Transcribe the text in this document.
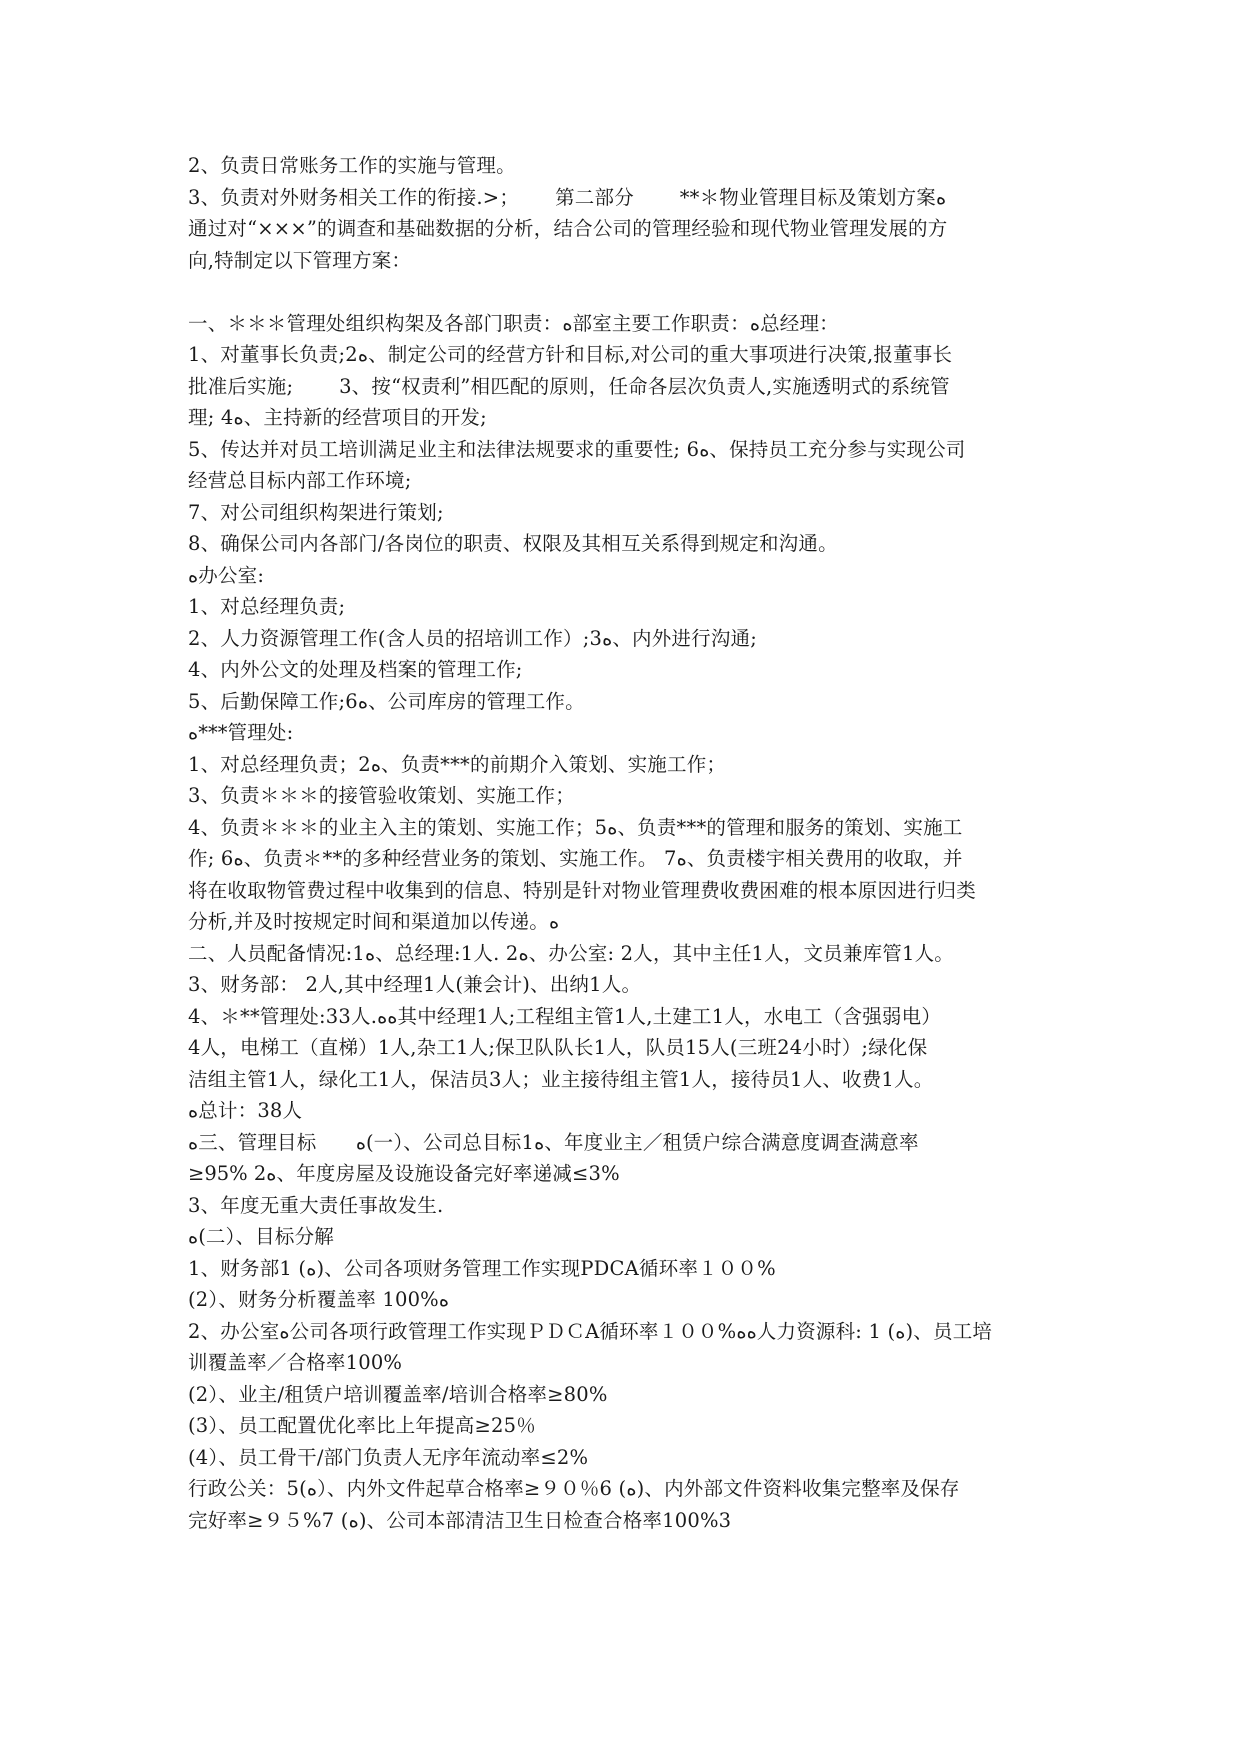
2、负责日常账务工作的实施与管理。
3、负责对外财务相关工作的衔接.>；　　 第二部分　　 **＊物业管理目标及策划方案ﻩ
通过对“×××”的调查和基础数据的分析，结合公司的管理经验和现代物业管理发展的方
向,特制定以下管理方案：
一、＊＊＊管理处组织构架及各部门职责：ﻩ部室主要工作职责：ﻩ总经理：
1、对董事长负责;2ﻩ、制定公司的经营方针和目标,对公司的重大事项进行决策,报董事长
批准后实施;　　 3、按“权责利”相匹配的原则，任命各层次负责人,实施透明式的系统管
理; 4ﻩ、主持新的经营项目的开发;
5、传达并对员工培训满足业主和法律法规要求的重要性; 6ﻩ、保持员工充分参与实现公司
经营总目标内部工作环境;
7、对公司组织构架进行策划;
8、确保公司内各部门/各岗位的职责、权限及其相互关系得到规定和沟通。
ﻩ办公室:
1、对总经理负责;
2、人力资源管理工作(含人员的招培训工作）;3ﻩ、内外进行沟通;
4、内外公文的处理及档案的管理工作;
5、后勤保障工作;6ﻩ、公司库房的管理工作。
ﻩ***管理处:
1、对总经理负责；2ﻩ、负责***的前期介入策划、实施工作；
3、负责＊＊＊的接管验收策划、实施工作；
4、负责＊＊＊的业主入主的策划、实施工作；5ﻩ、负责***的管理和服务的策划、实施工
作; 6ﻩ、负责＊**的多种经营业务的策划、实施工作。 7ﻩ、负责楼宇相关费用的收取，并
将在收取物管费过程中收集到的信息、特别是针对物业管理费收费困难的根本原因进行归类
分析,并及时按规定时间和渠道加以传递。ﻩ
二、人员配备情况:1ﻩ、总经理:1人. 2ﻩ、办公室: 2人，其中主任1人，文员兼库管1人。
3、财务部： 2人,其中经理1人(兼会计)、出纳1人。
4、＊**管理处:33人.ﻩﻩ其中经理1人;工程组主管1人,土建工1人，水电工（含强弱电）
4人，电梯工（直梯）1人,杂工1人;保卫队队长1人，队员15人(三班24小时）;绿化保
洁组主管1人，绿化工1人，保洁员3人；业主接待组主管1人，接待员1人、收费1人。
ﻩ总计：38人
ﻩ三、管理目标　　ﻩ(一）、公司总目标1ﻩ、年度业主／租赁户综合满意度调查满意率
≥95% 2ﻩ、年度房屋及设施设备完好率递减≤3%
3、年度无重大责任事故发生.
ﻩ(二）、目标分解
1、财务部1 (ﻩ)、公司各项财务管理工作实现PDCA循环率１００%
(2）、财务分析覆盖率 100%ﻩ
2、办公室ﻩ公司各项行政管理工作实现ＰＤＣA循环率１００%ﻩﻩ人力资源科: 1 (ﻩ)、员工培
训覆盖率／合格率100%
(2）、业主/租赁户培训覆盖率/培训合格率≥80%
(3）、员工配置优化率比上年提高≥25％
(4）、员工骨干/部门负责人无序年流动率≤2%
行政公关：5(ﻩ）、内外文件起草合格率≥９０％6 (ﻩ)、内外部文件资料收集完整率及保存
完好率≥９５%7 (ﻩ)、公司本部清洁卫生日检查合格率100%3
